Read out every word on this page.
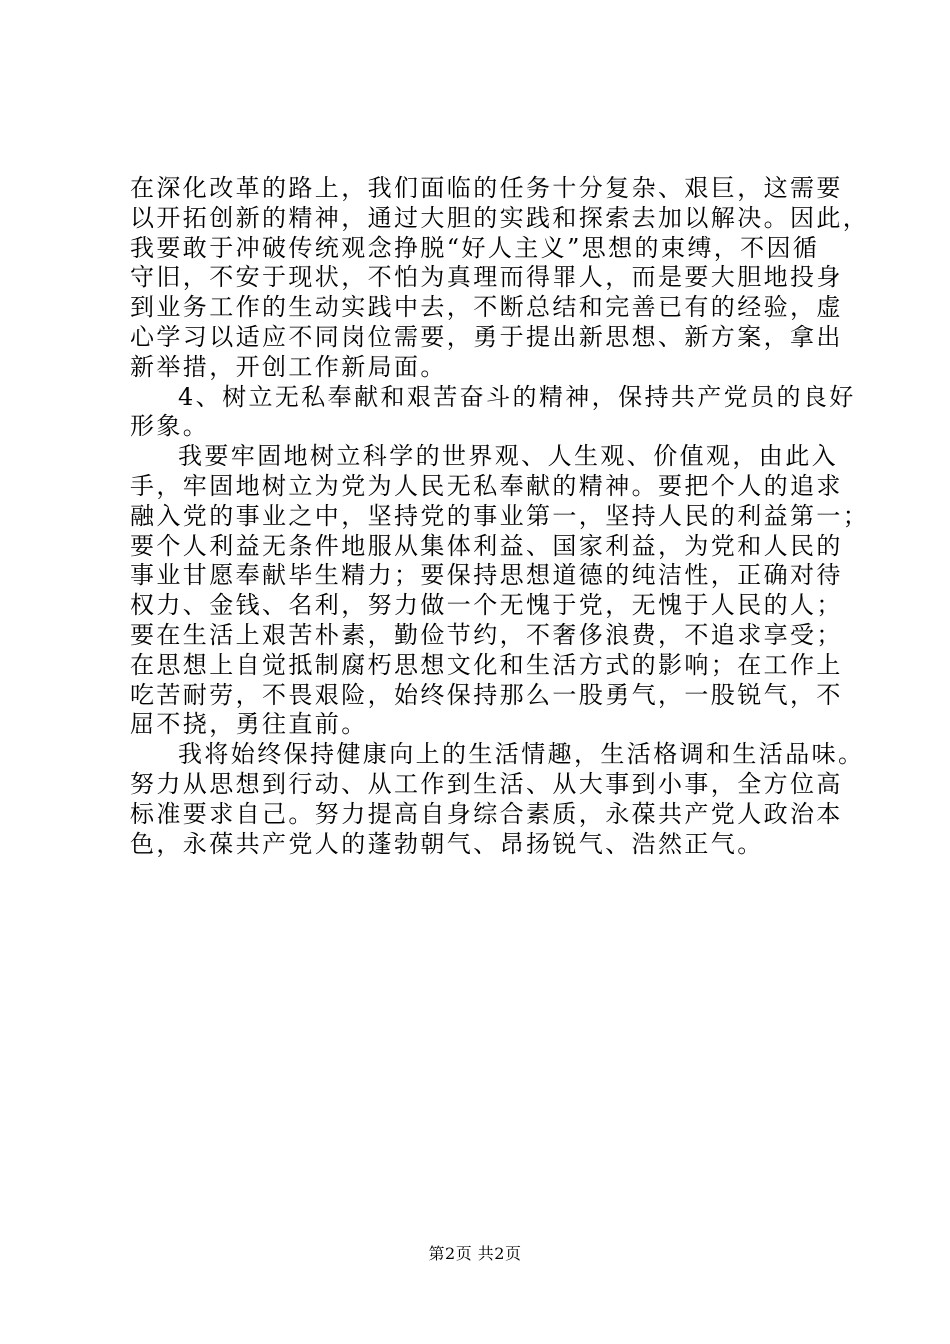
在深化改革的路上，我们面临的任务十分复杂、艰巨，这需要
以开拓创新的精神，通过大胆的实践和探索去加以解决。因此，
我要敢于冲破传统观念挣脱“好人主义”思想的束缚，不因循
守旧，不安于现状，不怕为真理而得罪人，而是要大胆地投身
到业务工作的生动实践中去，不断总结和完善已有的经验，虚
心学习以适应不同岗位需要，勇于提出新思想、新方案，拿出
新举措，开创工作新局面。
4、树立无私奉献和艰苦奋斗的精神，保持共产党员的良好
形象。
我要牢固地树立科学的世界观、人生观、价值观，由此入
手，牢固地树立为党为人民无私奉献的精神。要把个人的追求
融入党的事业之中，坚持党的事业第一，坚持人民的利益第一；
要个人利益无条件地服从集体利益、国家利益，为党和人民的
事业甘愿奉献毕生精力；要保持思想道德的纯洁性，正确对待
权力、金钱、名利，努力做一个无愧于党，无愧于人民的人；
要在生活上艰苦朴素，勤俭节约，不奢侈浪费，不追求享受；
在思想上自觉抵制腐朽思想文化和生活方式的影响；在工作上
吃苦耐劳，不畏艰险，始终保持那么一股勇气，一股锐气，不
屈不挠，勇往直前。
我将始终保持健康向上的生活情趣，生活格调和生活品味。
努力从思想到行动、从工作到生活、从大事到小事，全方位高
标准要求自己。努力提高自身综合素质，永葆共产党人政治本
色，永葆共产党人的蓬勃朝气、昂扬锐气、浩然正气。
第2页 共2页
